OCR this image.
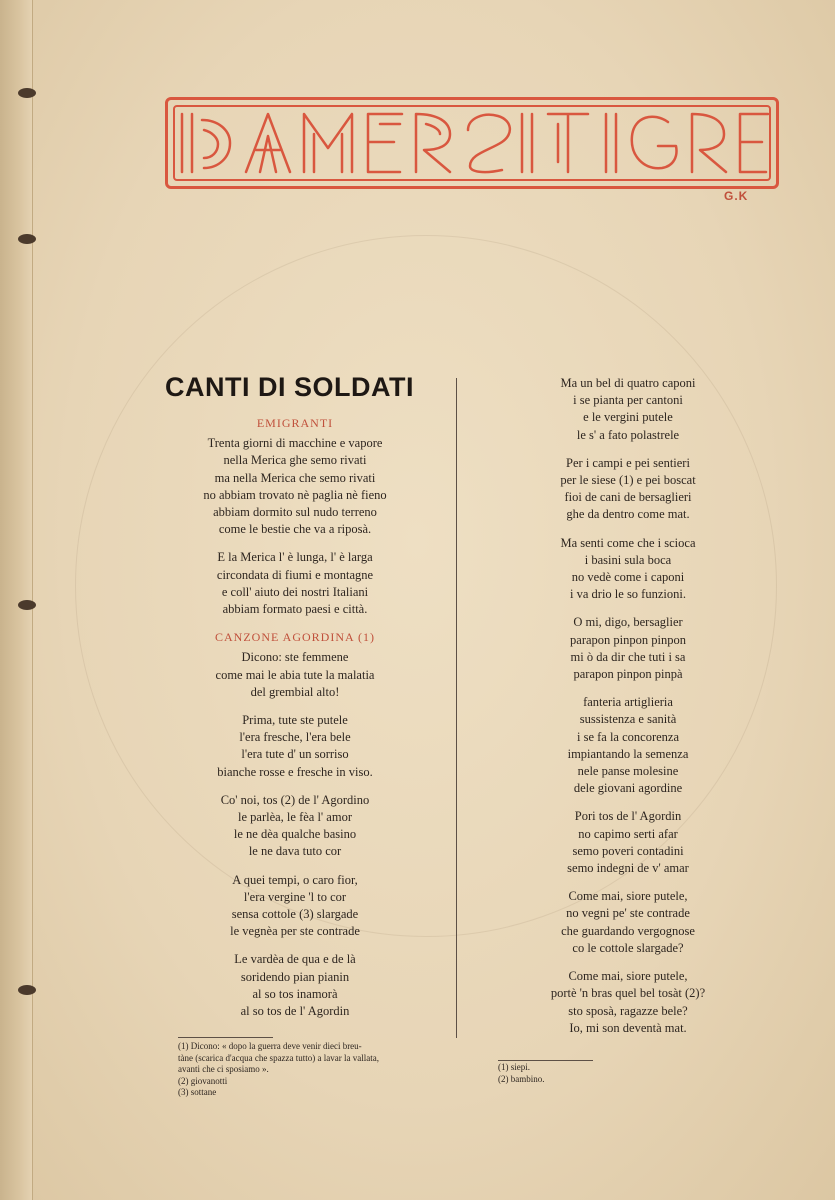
G.K
CANTI DI SOLDATI
EMIGRANTI
Trenta giorni di macchine e vapore
nella Merica ghe semo rivati
ma nella Merica che semo rivati
no abbiam trovato nè paglia nè fieno
abbiam dormito sul nudo terreno
come le bestie che va a riposà.
E la Merica l' è lunga, l' è larga
circondata di fiumi e montagne
e coll' aiuto dei nostri Italiani
abbiam formato paesi e città.
CANZONE AGORDINA (1)
Dicono: ste femmene
come mai le abia tute la malatia
del grembial alto!
Prima, tute ste putele
l'era fresche, l'era bele
l'era tute d' un sorriso
bianche rosse e fresche in viso.
Co' noi, tos (2) de l' Agordino
le parlèa, le fèa l' amor
le ne dèa qualche basino
le ne dava tuto cor
A quei tempi, o caro fior,
l'era vergine 'l to cor
sensa cottole (3) slargade
le vegnèa per ste contrade
Le vardèa de qua e de là
soridendo pian pianin
al so tos inamorà
al so tos de l' Agordin
Ma un bel di quatro caponi
i se pianta per cantoni
e le vergini putele
le s' a fato polastrele
Per i campi e pei sentieri
per le siese (1) e pei boscat
fioi de cani de bersaglieri
ghe da dentro come mat.
Ma senti come che i scioca
i basini sula boca
no vedè come i caponi
i va drio le so funzioni.
O mi, digo, bersaglier
parapon pinpon pinpon
mi ò da dir che tuti i sa
parapon pinpon pinpà
fanteria artiglieria
sussistenza e sanità
i se fa la concorenza
impiantando la semenza
nele panse molesine
dele giovani agordine
Pori tos de l' Agordin
no capimo serti afar
semo poveri contadini
semo indegni de v' amar
Come mai, siore putele,
no vegni pe' ste contrade
che guardando vergognose
co le cottole slargade?
Come mai, siore putele,
portè 'n bras quel bel tosàt (2)?
sto sposà, ragazze bele?
Io, mi son deventà mat.
(1) Dicono: « dopo la guerra deve venir dieci breu-
tàne (scarica d'acqua che spazza tutto) a lavar la vallata,
avanti che ci sposiamo ».
(2) giovanotti
(3) sottane
(1) siepi.
(2) bambino.
